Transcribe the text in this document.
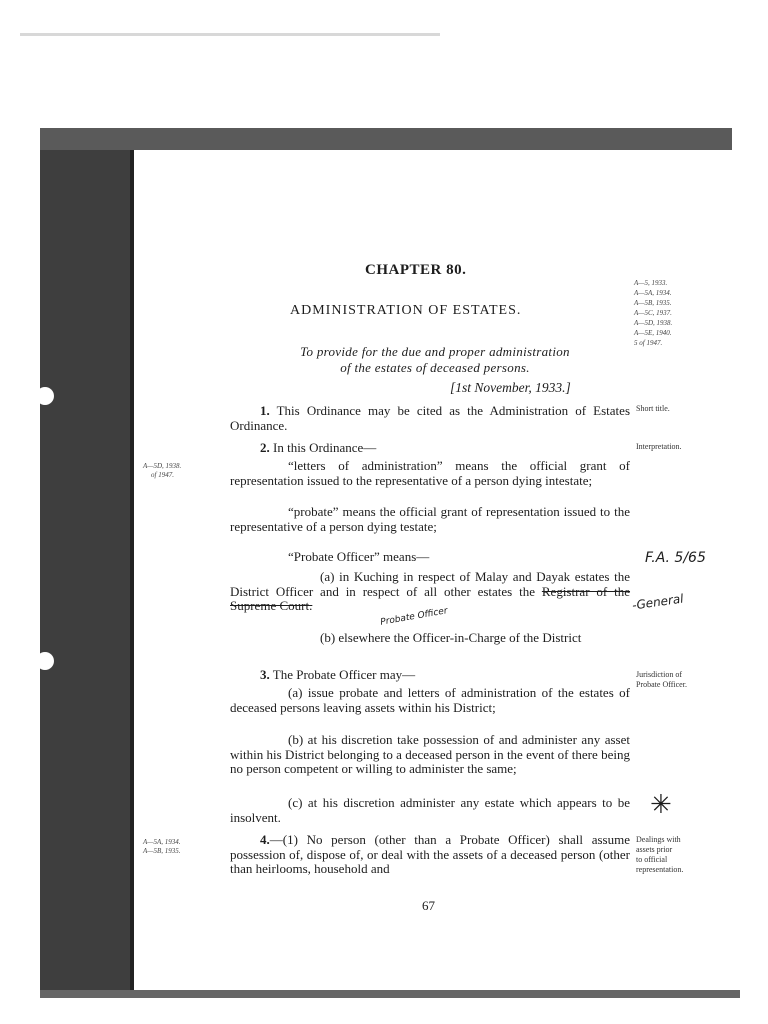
CHAPTER 80.
ADMINISTRATION OF ESTATES.
To provide for the due and proper administration
of the estates of deceased persons.
[1st November, 1933.]
A—5, 1933.
A—5A, 1934.
A—5B, 1935.
A—5C, 1937.
A—5D, 1938.
A—5E, 1940.
5 of 1947.
A—5D, 1938.
of 1947.
A—5A, 1934.
A—5B, 1935.
Short title.
Interpretation.
Jurisdiction of
Probate Officer.
Dealings with
assets prior
to official
representation.
1. This Ordinance may be cited as the Administration of Estates Ordinance.
2. In this Ordinance—
“letters of administration” means the official grant of representation issued to the representative of a person dying intestate;
“probate” means the official grant of representation issued to the representative of a person dying testate;
“Probate Officer” means—
(a) in Kuching in respect of Malay and Dayak estates the District Officer and in respect of all other estates the Registrar of the Supreme Court.
(b) elsewhere the Officer-in-Charge of the District
3. The Probate Officer may—
(a) issue probate and letters of administration of the estates of deceased persons leaving assets within his District;
(b) at his discretion take possession of and administer any asset within his District belonging to a deceased person in the event of there being no person competent or willing to administer the same;
(c) at his discretion administer any estate which appears to be insolvent.
4.—(1) No person (other than a Probate Officer) shall assume possession of, dispose of, or deal with the assets of a deceased person (other than heirlooms, household and
F.A. 5/65
-General
Probate Officer
✳
67
